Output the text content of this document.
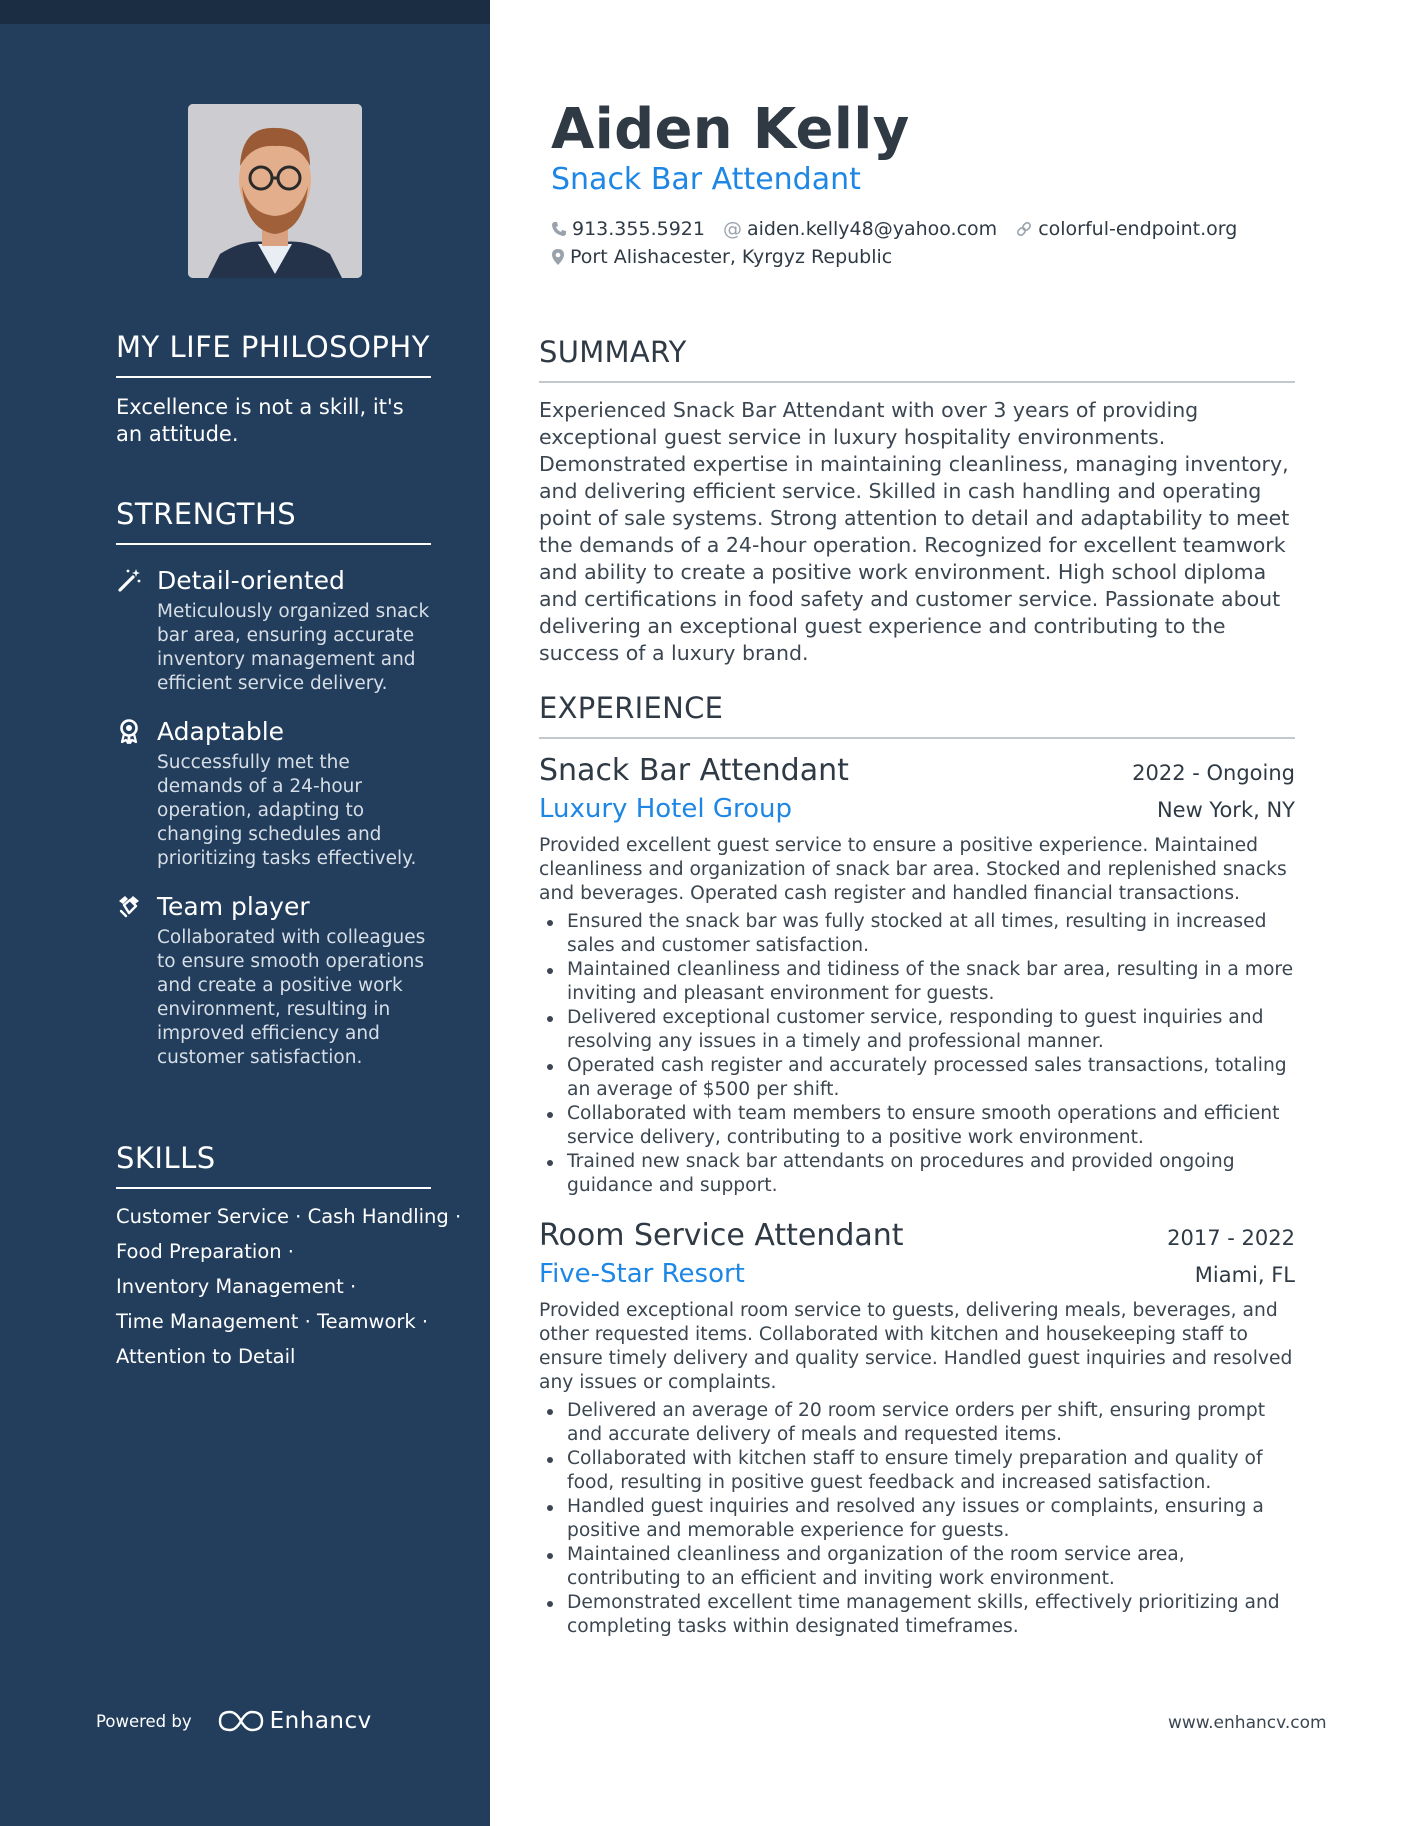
MY LIFE PHILOSOPHY
Excellence is not a skill, it's an attitude.
STRENGTHS
Detail-oriented
Meticulously organized snack bar area, ensuring accurate inventory management and efficient service delivery.
Adaptable
Successfully met the demands of a 24-hour operation, adapting to changing schedules and prioritizing tasks effectively.
Team player
Collaborated with colleagues to ensure smooth operations and create a positive work environment, resulting in improved efficiency and customer satisfaction.
SKILLS
Customer Service · Cash Handling ·
Food Preparation ·
Inventory Management ·
Time Management · Teamwork ·
Attention to Detail
Powered by	Enhancv
Aiden Kelly
Snack Bar Attendant
913.355.5921 @ aiden.kelly48@yahoo.com colorful-endpoint.org
Port Alishacester, Kyrgyz Republic
SUMMARY
Experienced Snack Bar Attendant with over 3 years of providing exceptional guest service in luxury hospitality environments. Demonstrated expertise in maintaining cleanliness, managing inventory, and delivering efficient service. Skilled in cash handling and operating point of sale systems. Strong attention to detail and adaptability to meet the demands of a 24-hour operation. Recognized for excellent teamwork and ability to create a positive work environment. High school diploma and certifications in food safety and customer service. Passionate about delivering an exceptional guest experience and contributing to the success of a luxury brand.
EXPERIENCE
Snack Bar Attendant	2022 - Ongoing
Luxury Hotel Group	New York, NY
Provided excellent guest service to ensure a positive experience. Maintained cleanliness and organization of snack bar area. Stocked and replenished snacks and beverages. Operated cash register and handled financial transactions.
Ensured the snack bar was fully stocked at all times, resulting in increased sales and customer satisfaction.
Maintained cleanliness and tidiness of the snack bar area, resulting in a more inviting and pleasant environment for guests.
Delivered exceptional customer service, responding to guest inquiries and resolving any issues in a timely and professional manner.
Operated cash register and accurately processed sales transactions, totaling an average of $500 per shift.
Collaborated with team members to ensure smooth operations and efficient service delivery, contributing to a positive work environment.
Trained new snack bar attendants on procedures and provided ongoing guidance and support.
Room Service Attendant	2017 - 2022
Five-Star Resort	Miami, FL
Provided exceptional room service to guests, delivering meals, beverages, and other requested items. Collaborated with kitchen and housekeeping staff to ensure timely delivery and quality service. Handled guest inquiries and resolved any issues or complaints.
Delivered an average of 20 room service orders per shift, ensuring prompt and accurate delivery of meals and requested items.
Collaborated with kitchen staff to ensure timely preparation and quality of food, resulting in positive guest feedback and increased satisfaction.
Handled guest inquiries and resolved any issues or complaints, ensuring a positive and memorable experience for guests.
Maintained cleanliness and organization of the room service area, contributing to an efficient and inviting work environment.
Demonstrated excellent time management skills, effectively prioritizing and completing tasks within designated timeframes.
www.enhancv.com
